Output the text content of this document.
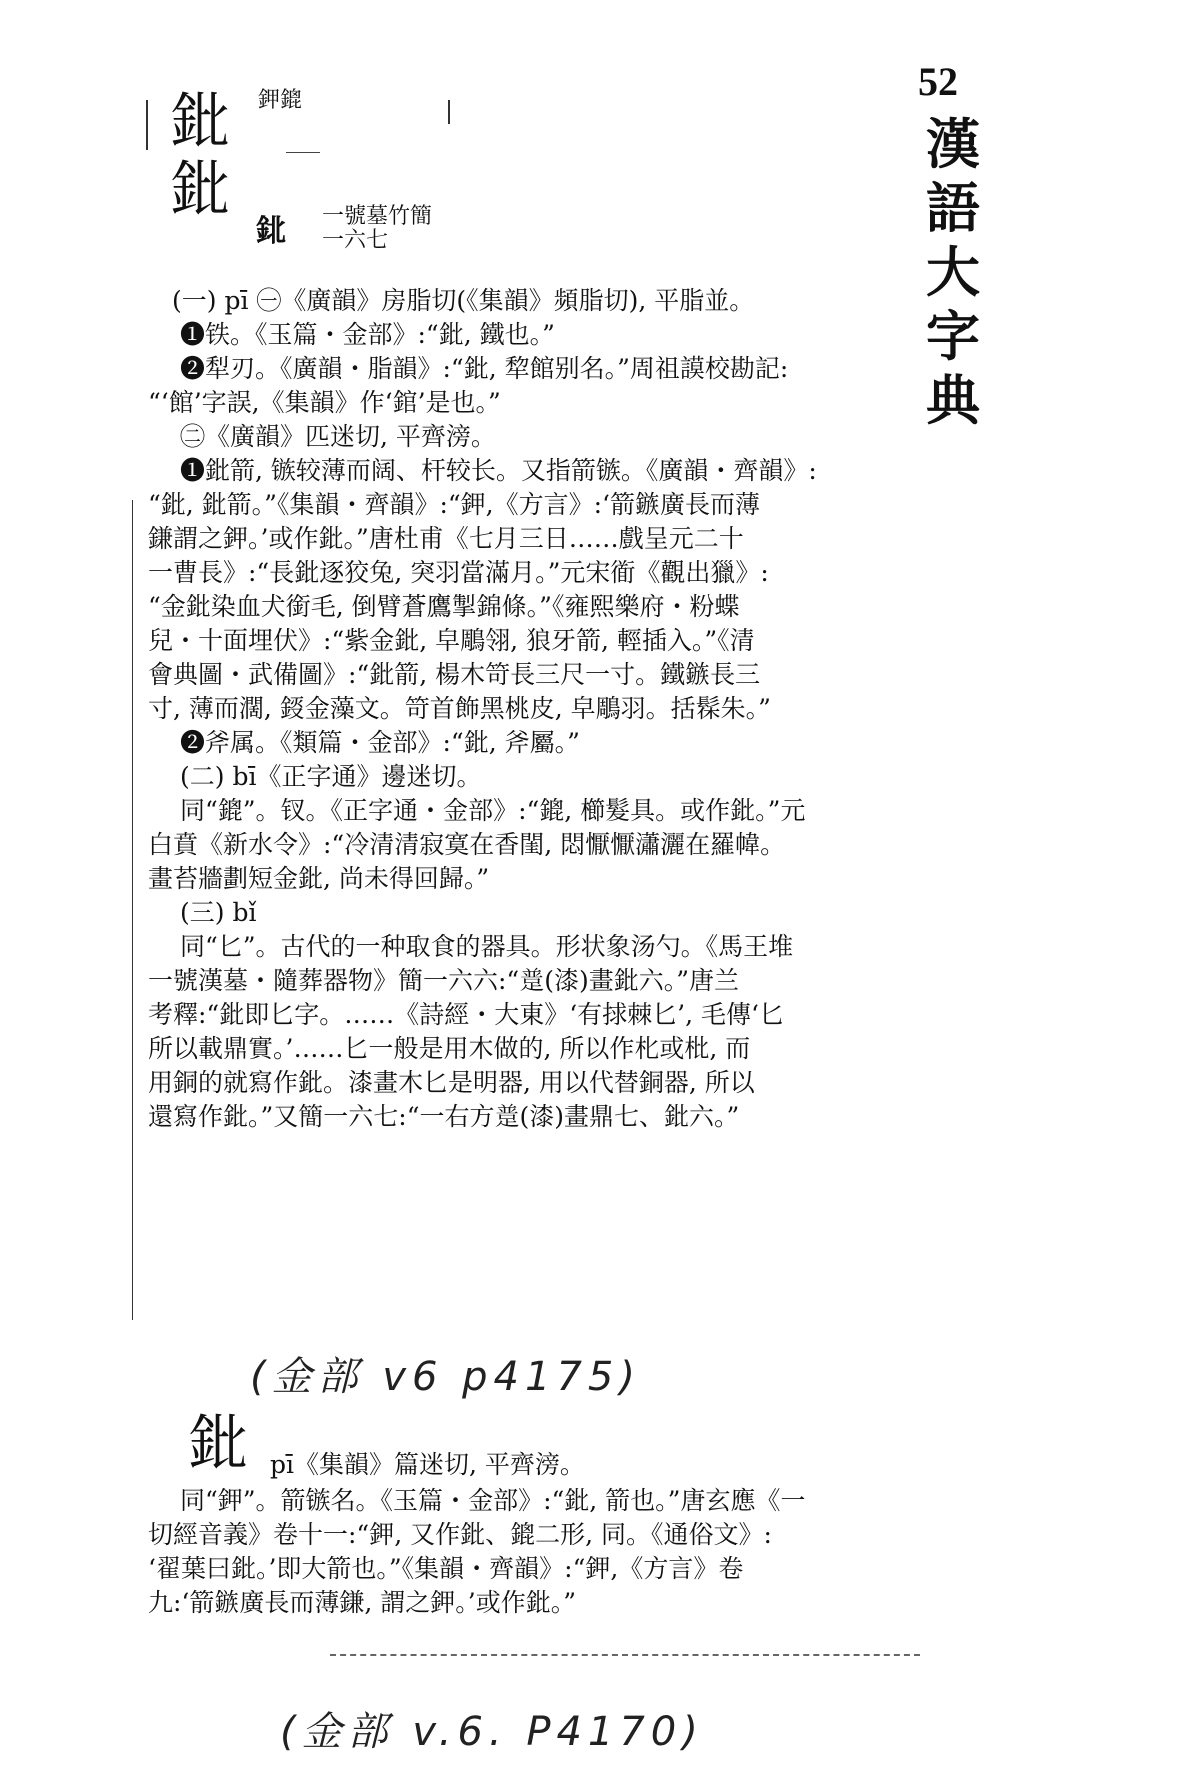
52
漢
語
大
字
典
鈚
鈚
鉀鎞
鉳 一號墓竹簡
一六七
(一) pī ㊀《廣韻》房脂切(《集韻》頻脂切), 平脂並。
❶铁。《玉篇・金部》:“鈚, 鐵也。”
❷犁刃。《廣韻・脂韻》:“鈚, 犂館别名。”周祖謨校勘記:
“‘館’字誤,《集韻》作‘錧’是也。”
㊁《廣韻》匹迷切, 平齊滂。
❶鈚箭, 镞较薄而阔、杆较长。又指箭镞。《廣韻・齊韻》:
“鈚, 鈚箭。”《集韻・齊韻》:“鉀,《方言》:‘箭鏃廣長而薄
鎌謂之鉀。’或作鈚。”唐杜甫《七月三日……戲呈元二十
一曹長》:“長鈚逐狡兔, 突羽當滿月。”元宋衜《觀出獵》:
“金鈚染血犬銜毛, 倒臂蒼鷹掣錦條。”《雍熙樂府・粉蝶
兒・十面埋伏》:“紫金鈚, 皁鵰翎, 狼牙箭, 輕插入。”《清
會典圖・武備圖》:“鈚箭, 楊木笴長三尺一寸。鐵鏃長三
寸, 薄而濶, 鋄金藻文。笴首飾黑桃皮, 皁鵰羽。括髹朱。”
❷斧属。《類篇・金部》:“鈚, 斧屬。”
(二) bī《正字通》邊迷切。
同“鎞”。钗。《正字通・金部》:“鎞, 櫛髮具。或作鈚。”元
白賁《新水令》:“冷清清寂寞在香閨, 悶懨懨瀟灑在羅幃。
畫苔牆劃短金鈚, 尚未得回歸。”
(三) bǐ
同“匕”。古代的一种取食的器具。形状象汤勺。《馬王堆
一號漢墓・隨葬器物》簡一六六:“𨂝(漆)畫鈚六。”唐兰
考釋:“鈚即匕字。……《詩經・大東》‘有捄棘匕’, 毛傳‘匕
所以載鼎實。’……匕一般是用木做的, 所以作朼或枇, 而
用銅的就寫作鈚。漆畫木匕是明器, 用以代替銅器, 所以
還寫作鈚。”又簡一六七:“一右方𨂝(漆)畫鼎七、鈚六。”
(金部 v6 p4175)
鈚 pī《集韻》篇迷切, 平齊滂。
同“鉀”。箭镞名。《玉篇・金部》:“鈚, 箭也。”唐玄應《一
切經音義》卷十一:“鉀, 又作鈚、鎞二形, 同。《通俗文》:
‘翟葉曰鈚。’即大箭也。”《集韻・齊韻》:“鉀,《方言》卷
九:‘箭鏃廣長而薄鎌, 謂之鉀。’或作鈚。”
(金部 v.6. P4170)
